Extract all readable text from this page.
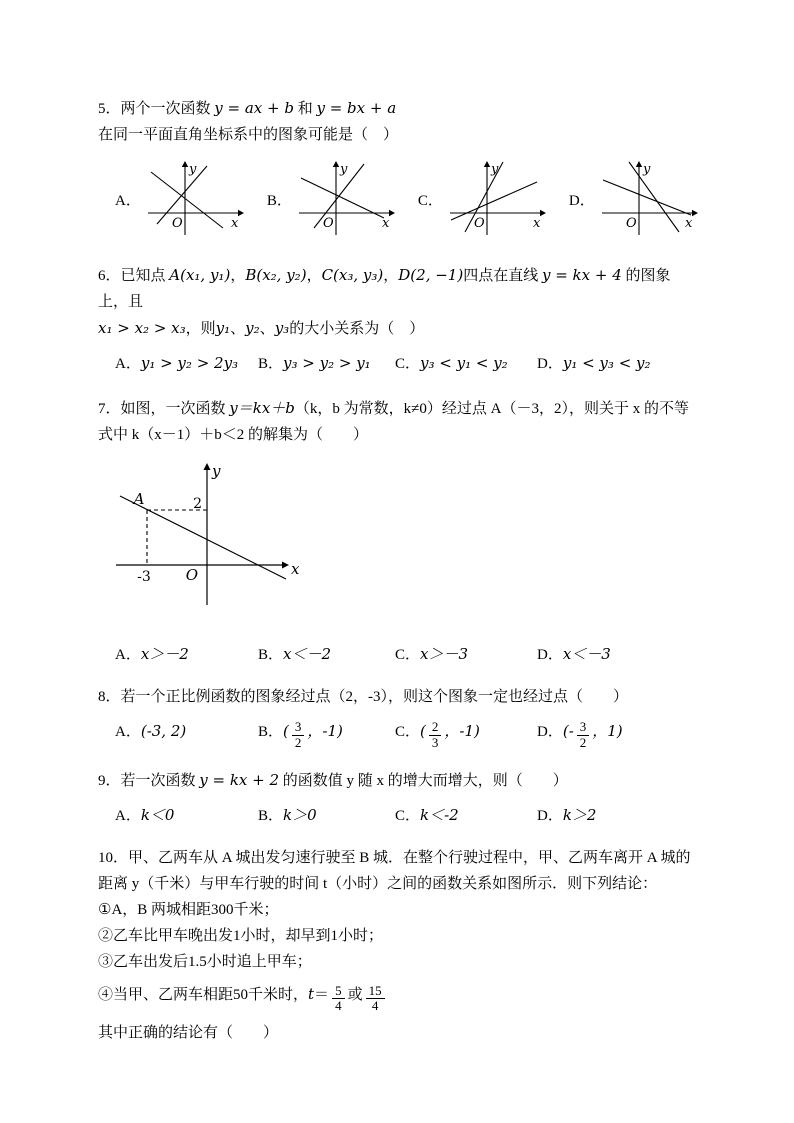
5．两个一次函数 y = ax + b 和 y = bx + a 在同一平面直角坐标系中的图象可能是（　）

A．
y
x
O
B．
y
x
O
C．
y
x
O
D．
y
x
O

6．已知点 A(x₁, y₁)，B(x₂, y₂)，C(x₃, y₃)，D(2, −1)四点在直线 y = kx + 4 的图象上，且

x₁ > x₂ > x₃，则y₁、y₂、y₃的大小关系为（　）

A．y₁ > y₂ > 2y₃	B．y₃ > y₂ > y₁	C．y₃ < y₁ < y₂	D．y₁ < y₃ < y₂

7．如图，一次函数 y＝kx＋b（k，b 为常数，k≠0）经过点 A（－3，2），则关于 x 的不等式中 k（x－1）＋b＜2 的解集为（　　）

y
x
O
A	2
-3
A．x＞－2	B．x＜－2	C．x＞－3	D．x＜－3

8．若一个正比例函数的图象经过点（2，-3），则这个图象一定也经过点（　　）

A．(-3, 2)	B．( $\frac{3}{2}$ ，-1)	C．( $\frac{2}{3}$ ，-1)	D．(- $\frac{3}{2}$ ，1)

9．若一次函数 y = kx + 2 的函数值 y 随 x 的增大而增大，则（　　）

A．k＜0	B．k＞0	C．k＜-2	D．k＞2

10．甲、乙两车从 A 城出发匀速行驶至 B 城．在整个行驶过程中，甲、乙两车离开 A 城的

距离 y（千米）与甲车行驶的时间 t（小时）之间的函数关系如图所示．则下列结论：

①A，B 两城相距300千米；

②乙车比甲车晚出发1小时，却早到1小时；

③乙车出发后1.5小时追上甲车；

④当甲、乙两车相距50千米时，$t= \frac{5}{4}$ 或 $\frac{15}{4}$

其中正确的结论有（　　）
